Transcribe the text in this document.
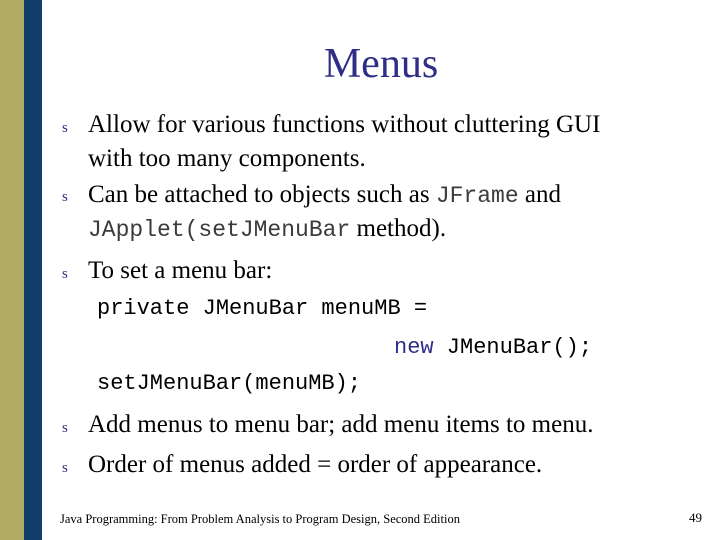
Menus
s Allow for various functions without cluttering GUI
with too many components.
s Can be attached to objects such as JFrame and
JApplet(setJMenuBar method).
s To set a menu bar:
private JMenuBar menuMB =
new JMenuBar();
setJMenuBar(menuMB);
s Add menus to menu bar; add menu items to menu.
s Order of menus added = order of appearance.
Java Programming: From Problem Analysis to Program Design, Second Edition	49
